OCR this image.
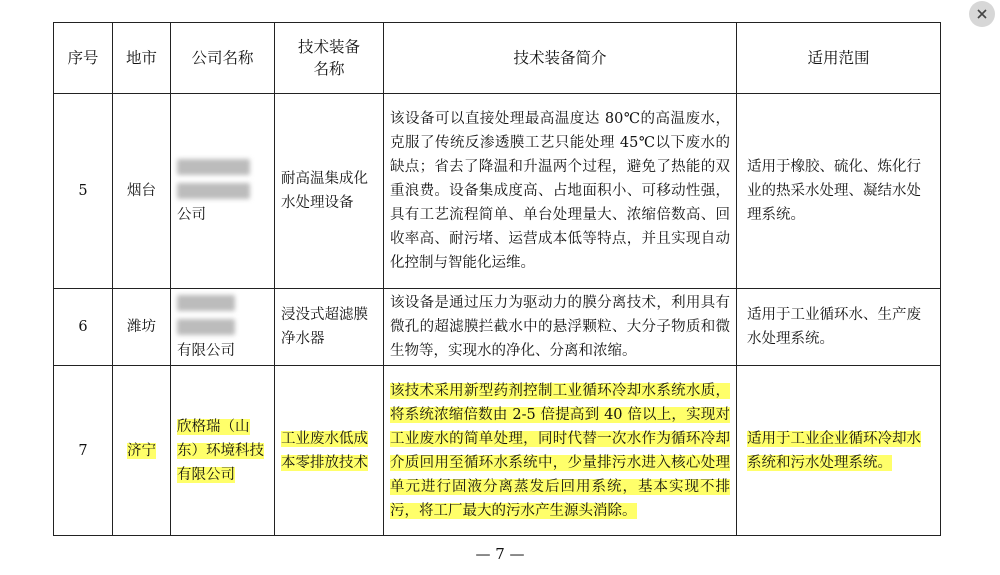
序号	地市	公司名称	技术装备名称	技术装备简介	适用范围
5	烟台	公司	耐高温集成化水处理设备	该设备可以直接处理最高温度达 80℃的高温废水，克服了传统反渗透膜工艺只能处理 45℃以下废水的缺点；省去了降温和升温两个过程，避免了热能的双重浪费。设备集成度高、占地面积小、可移动性强，具有工艺流程简单、单台处理量大、浓缩倍数高、回收率高、耐污堵、运营成本低等特点，并且实现自动化控制与智能化运维。	适用于橡胶、硫化、炼化行业的热采水处理、凝结水处理系统。
6	潍坊	有限公司	浸没式超滤膜净水器	该设备是通过压力为驱动力的膜分离技术，利用具有微孔的超滤膜拦截水中的悬浮颗粒、大分子物质和微生物等，实现水的净化、分离和浓缩。	适用于工业循环水、生产废水处理系统。
7	济宁	欣格瑞（山东）环境科技有限公司	工业废水低成本零排放技术	该技术采用新型药剂控制工业循环冷却水系统水质，将系统浓缩倍数由 2-5 倍提高到 40 倍以上，实现对工业废水的简单处理，同时代替一次水作为循环冷却介质回用至循环水系统中，少量排污水进入核心处理单元进行固液分离蒸发后回用系统，基本实现不排污，将工厂最大的污水产生源头消除。	适用于工业企业循环冷却水系统和污水处理系统。
— 7 —
